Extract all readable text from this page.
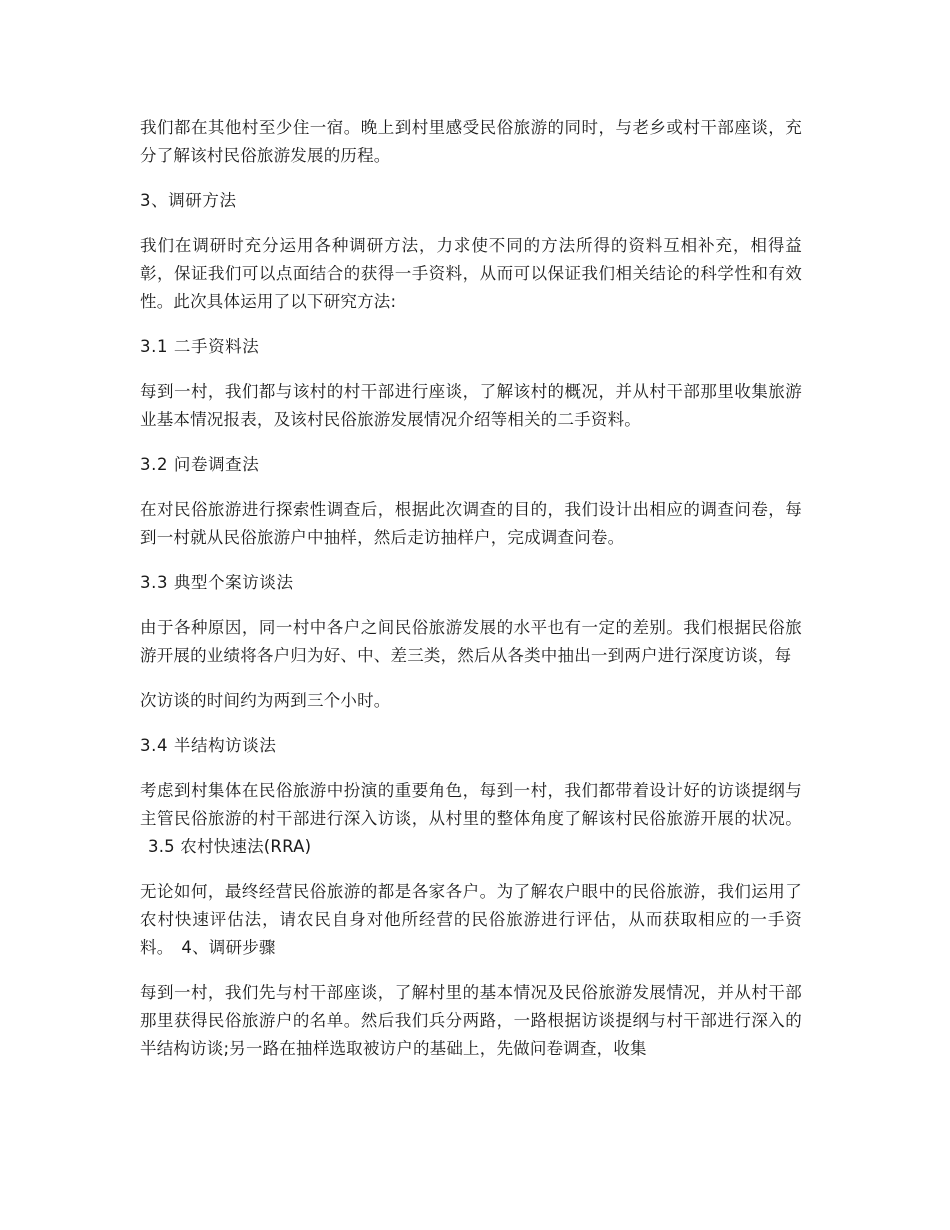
我们都在其他村至少住一宿。晚上到村里感受民俗旅游的同时，与老乡或村干部座谈，充分了解该村民俗旅游发展的历程。

3、调研方法

我们在调研时充分运用各种调研方法，力求使不同的方法所得的资料互相补充，相得益彰，保证我们可以点面结合的获得一手资料，从而可以保证我们相关结论的科学性和有效性。此次具体运用了以下研究方法:

3.1 二手资料法

每到一村，我们都与该村的村干部进行座谈，了解该村的概况，并从村干部那里收集旅游业基本情况报表，及该村民俗旅游发展情况介绍等相关的二手资料。

3.2 问卷调查法

在对民俗旅游进行探索性调查后，根据此次调查的目的，我们设计出相应的调查问卷，每到一村就从民俗旅游户中抽样，然后走访抽样户，完成调查问卷。

3.3 典型个案访谈法

由于各种原因，同一村中各户之间民俗旅游发展的水平也有一定的差别。我们根据民俗旅游开展的业绩将各户归为好、中、差三类，然后从各类中抽出一到两户进行深度访谈，每

次访谈的时间约为两到三个小时。

3.4 半结构访谈法

考虑到村集体在民俗旅游中扮演的重要角色，每到一村，我们都带着设计好的访谈提纲与主管民俗旅游的村干部进行深入访谈，从村里的整体角度了解该村民俗旅游开展的状况。3.5 农村快速法(RRA)

无论如何，最终经营民俗旅游的都是各家各户。为了解农户眼中的民俗旅游，我们运用了农村快速评估法，请农民自身对他所经营的民俗旅游进行评估，从而获取相应的一手资料。 4、调研步骤

每到一村，我们先与村干部座谈，了解村里的基本情况及民俗旅游发展情况，并从村干部那里获得民俗旅游户的名单。然后我们兵分两路，一路根据访谈提纲与村干部进行深入的半结构访谈;另一路在抽样选取被访户的基础上，先做问卷调查，收集
